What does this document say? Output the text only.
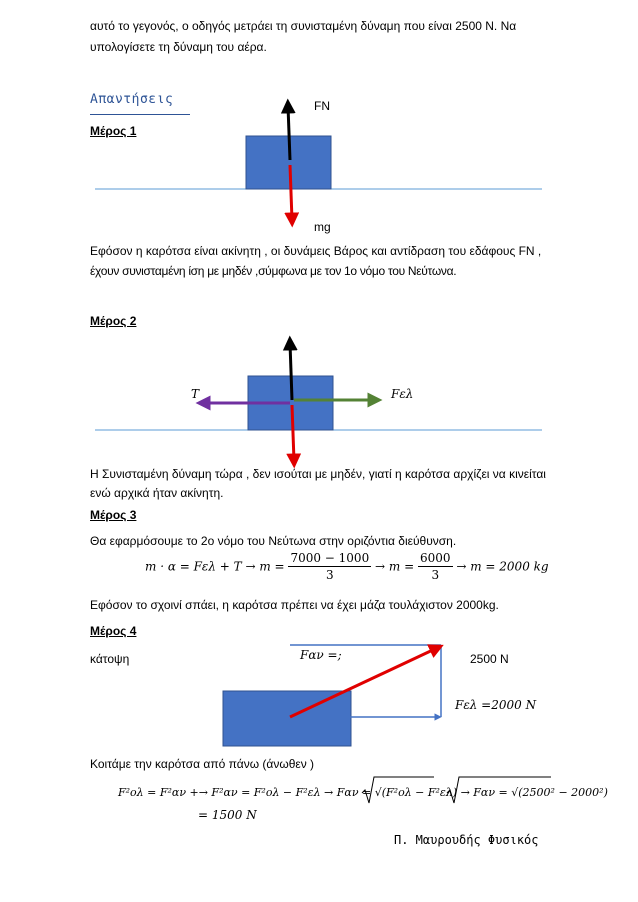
αυτό το γεγονός, ο οδηγός μετράει τη συνισταμένη δύναμη που είναι 2500 Ν. Να
υπολογίσετε τη δύναμη του αέρα.
Απαντήσεις
Μέρος 1
FN
mg
Εφόσον η καρότσα είναι ακίνητη , οι δυνάμεις Βάρος και αντίδραση του εδάφους FN ,
έχουν συνισταμένη ίση με μηδέν ,σύμφωνα με τον 1ο νόμο του Νεύτωνα.
Μέρος 2
T	Fελ
Η Συνισταμένη δύναμη τώρα , δεν ισούται με μηδέν, γιατί η καρότσα αρχίζει να κινείται
ενώ αρχικά ήταν ακίνητη.
Μέρος 3
Θα εφαρμόσουμε το 2ο νόμο του Νεύτωνα στην οριζόντια διεύθυνση.
$m \cdot \alpha = F\varepsilon\lambda + T \to m = \frac{7000 - 1000}{3} \to m = \frac{6000}{3} \to m = 2000$ kg
Εφόσον το σχοινί σπάει, η καρότσα πρέπει να έχει μάζα τουλάχιστον 2000kg.
Μέρος 4
κάτοψη	Fαν =;	2500 N
Fελ =2000 N
Κοιτάμε την καρότσα από πάνω (άνωθεν )
F²ολ = F²αν +→ F²αν = F²ολ − F²ελ → Fαν = √(F²ολ − F²ελ) → Fαν = √(2500² − 2000²)
= 1500 N
Π. Μαυρουδής Φυσικός
